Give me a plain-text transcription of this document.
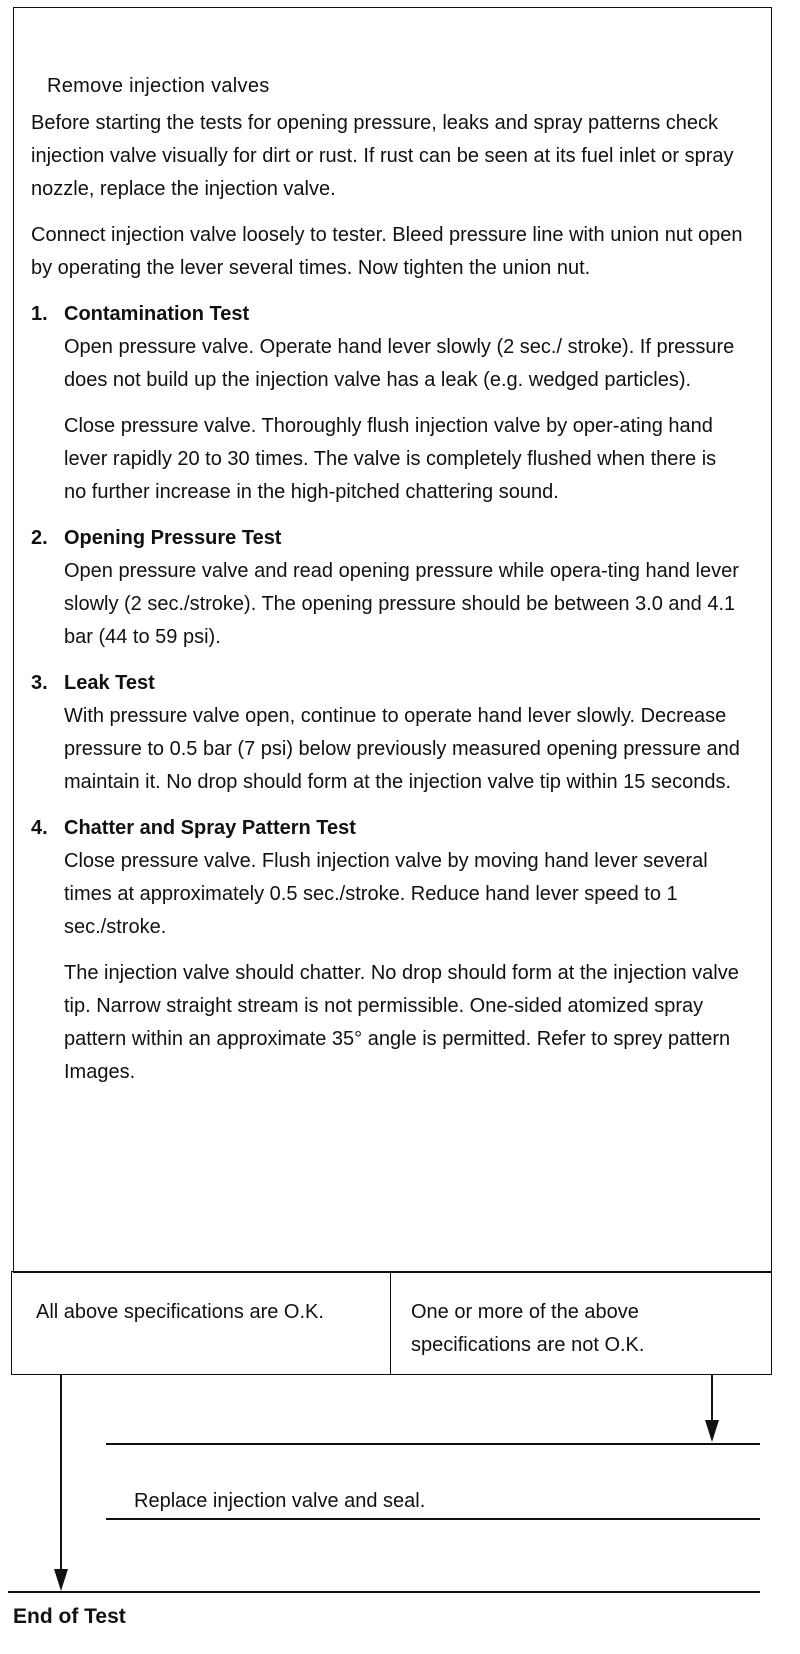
Remove injection valves

Before starting the tests for opening pressure, leaks and spray patterns check injection valve visually for dirt or rust. If rust can be seen at its fuel inlet or spray nozzle, replace the injection valve.

Connect injection valve loosely to tester. Bleed pressure line with union nut open by operating the lever several times. Now tighten the union nut.

1. Contamination Test

Open pressure valve. Operate hand lever slowly (2 sec./ stroke). If pressure does not build up the injection valve has a leak (e.g. wedged particles).

Close pressure valve. Thoroughly flush injection valve by oper-ating hand lever rapidly 20 to 30 times. The valve is completely flushed when there is no further increase in the high-pitched chattering sound.

2. Opening Pressure Test

Open pressure valve and read opening pressure while opera-ting hand lever slowly (2 sec./stroke). The opening pressure should be between 3.0 and 4.1 bar (44 to 59 psi).

3. Leak Test

With pressure valve open, continue to operate hand lever slowly. Decrease pressure to 0.5 bar (7 psi) below previously measured opening pressure and maintain it. No drop should form at the injection valve tip within 15 seconds.

4. Chatter and Spray Pattern Test

Close pressure valve. Flush injection valve by moving hand lever several times at approximately 0.5 sec./stroke. Reduce hand lever speed to 1 sec./stroke.

The injection valve should chatter. No drop should form at the injection valve tip. Narrow straight stream is not permissible. One-sided atomized spray pattern within an approximate 35° angle is permitted. Refer to sprey pattern Images.

All above specifications are O.K.	One or more of the above specifications are not O.K.

Replace injection valve and seal.

End of Test
